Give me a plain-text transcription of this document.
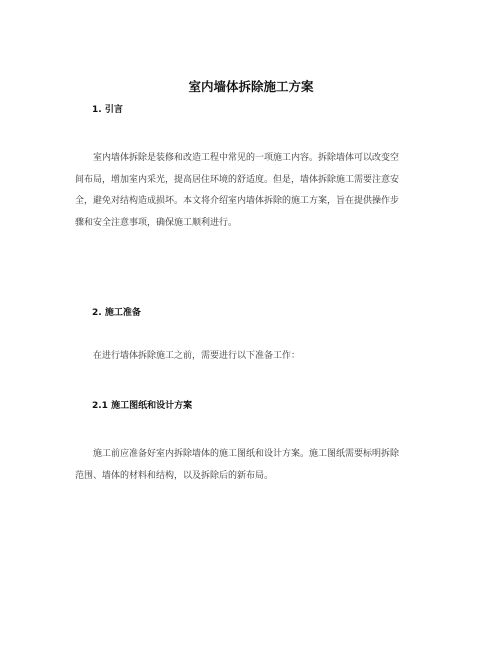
室内墙体拆除施工方案
1. 引言

室内墙体拆除是装修和改造工程中常见的一项施工内容。拆除墙体可以改变空
间布局，增加室内采光，提高居住环境的舒适度。但是，墙体拆除施工需要注意安
全，避免对结构造成损坏。本文将介绍室内墙体拆除的施工方案，旨在提供操作步
骤和安全注意事项，确保施工顺利进行。

2. 施工准备

在进行墙体拆除施工之前，需要进行以下准备工作：

2.1 施工图纸和设计方案

施工前应准备好室内拆除墙体的施工图纸和设计方案。施工图纸需要标明拆除
范围、墙体的材料和结构，以及拆除后的新布局。
